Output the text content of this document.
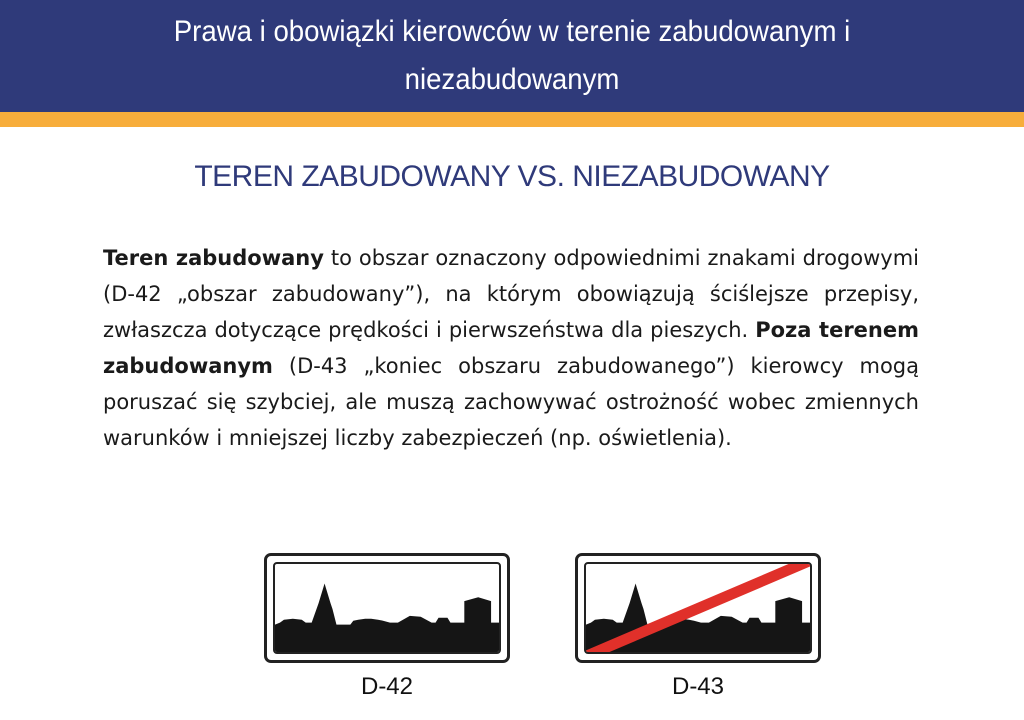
Prawa i obowiązki kierowców w terenie zabudowanym i niezabudowanym
TEREN ZABUDOWANY VS. NIEZABUDOWANY

Teren zabudowany to obszar oznaczony odpowiednimi znakami drogowymi (D-42 „obszar zabudowany”), na którym obowiązują ściślejsze przepisy, zwłaszcza dotyczące prędkości i pierwszeństwa dla pieszych. Poza terenem zabudowanym (D-43 „koniec obszaru zabudowanego”) kierowcy mogą poruszać się szybciej, ale muszą zachowywać ostrożność wobec zmiennych warunków i mniejszej liczby zabezpieczeń (np. oświetlenia).

D-42	D-43
